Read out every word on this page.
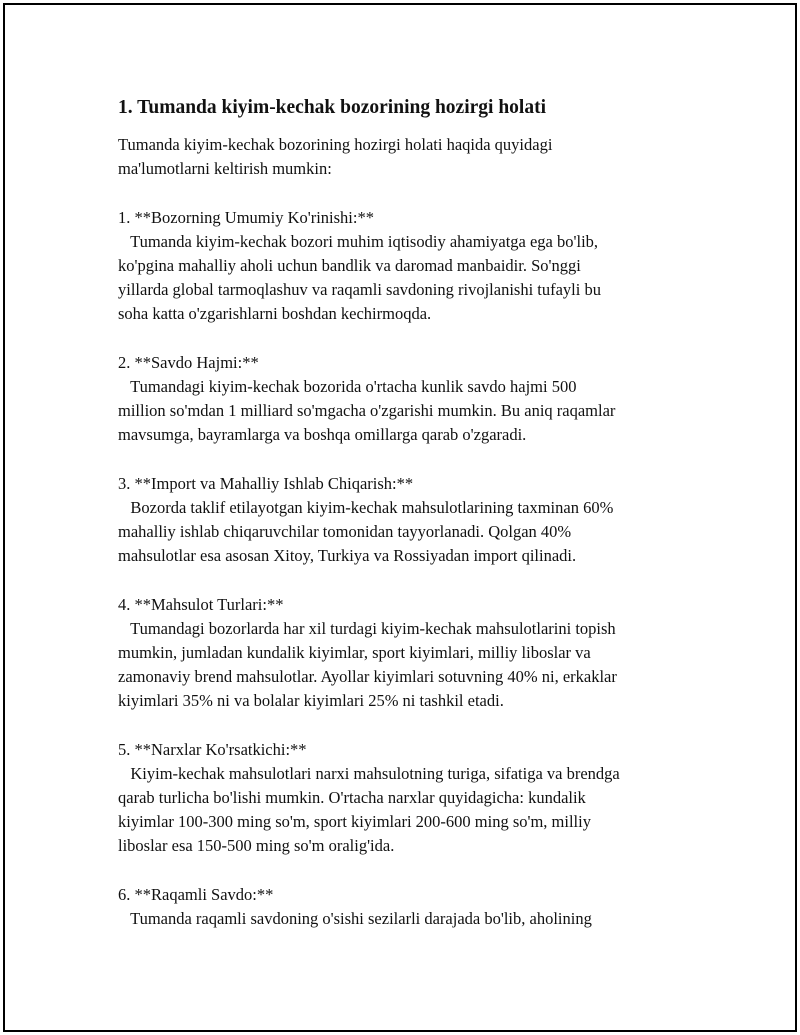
1. Tumanda kiyim-kechak bozorining hozirgi holati
Tumanda kiyim-kechak bozorining hozirgi holati haqida quyidagi
ma'lumotlarni keltirish mumkin:
1. **Bozorning Umumiy Ko'rinishi:**
Tumanda kiyim-kechak bozori muhim iqtisodiy ahamiyatga ega bo'lib,
ko'pgina mahalliy aholi uchun bandlik va daromad manbaidir. So'nggi
yillarda global tarmoqlashuv va raqamli savdoning rivojlanishi tufayli bu
soha katta o'zgarishlarni boshdan kechirmoqda.
2. **Savdo Hajmi:**
Tumandagi kiyim-kechak bozorida o'rtacha kunlik savdo hajmi 500
million so'mdan 1 milliard so'mgacha o'zgarishi mumkin. Bu aniq raqamlar
mavsumga, bayramlarga va boshqa omillarga qarab o'zgaradi.
3. **Import va Mahalliy Ishlab Chiqarish:**
Bozorda taklif etilayotgan kiyim-kechak mahsulotlarining taxminan 60%
mahalliy ishlab chiqaruvchilar tomonidan tayyorlanadi. Qolgan 40%
mahsulotlar esa asosan Xitoy, Turkiya va Rossiyadan import qilinadi.
4. **Mahsulot Turlari:**
Tumandagi bozorlarda har xil turdagi kiyim-kechak mahsulotlarini topish
mumkin, jumladan kundalik kiyimlar, sport kiyimlari, milliy liboslar va
zamonaviy brend mahsulotlar. Ayollar kiyimlari sotuvning 40% ni, erkaklar
kiyimlari 35% ni va bolalar kiyimlari 25% ni tashkil etadi.
5. **Narxlar Ko'rsatkichi:**
Kiyim-kechak mahsulotlari narxi mahsulotning turiga, sifatiga va brendga
qarab turlicha bo'lishi mumkin. O'rtacha narxlar quyidagicha: kundalik
kiyimlar 100-300 ming so'm, sport kiyimlari 200-600 ming so'm, milliy
liboslar esa 150-500 ming so'm oralig'ida.
6. **Raqamli Savdo:**
Tumanda raqamli savdoning o'sishi sezilarli darajada bo'lib, aholining
